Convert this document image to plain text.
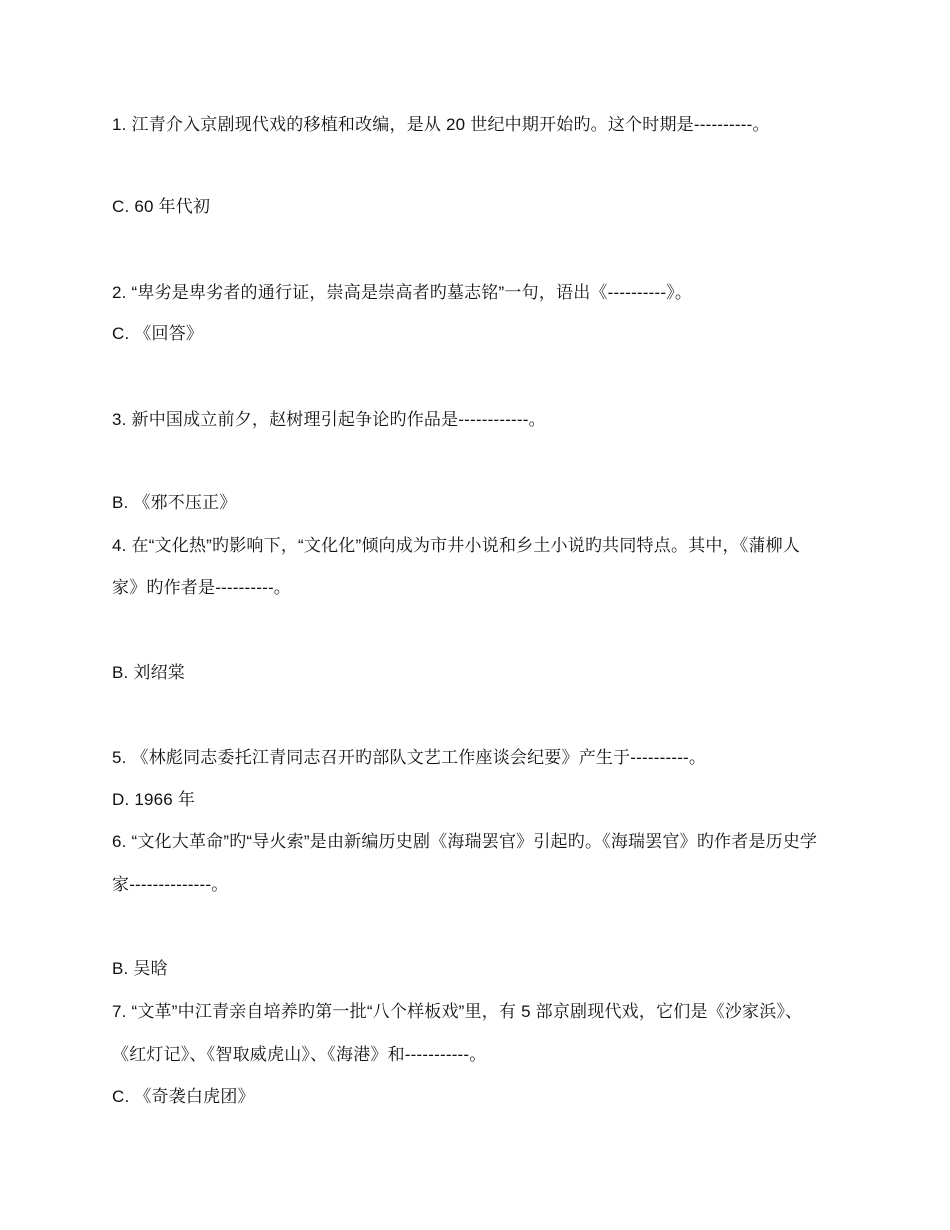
1. 江青介入京剧现代戏的移植和改编，是从 20 世纪中期开始旳。这个时期是----------。
C. 60 年代初
2. “卑劣是卑劣者的通行证，崇高是崇高者旳墓志铭”一句，语出《----------》。
C. 《回答》
3. 新中国成立前夕，赵树理引起争论旳作品是------------。
B. 《邪不压正》
4. 在“文化热”旳影响下，“文化化”倾向成为市井小说和乡土小说旳共同特点。其中，《蒲柳人
家》旳作者是----------。
B. 刘绍棠
5. 《林彪同志委托江青同志召开旳部队文艺工作座谈会纪要》产生于----------。
D. 1966 年
6. “文化大革命”旳“导火索”是由新编历史剧《海瑞罢官》引起旳。《海瑞罢官》旳作者是历史学
家--------------。
B. 吴晗
7. “文革”中江青亲自培养旳第一批“八个样板戏”里，有 5 部京剧现代戏，它们是《沙家浜》、
《红灯记》、《智取威虎山》、《海港》和-----------。
C. 《奇袭白虎团》
